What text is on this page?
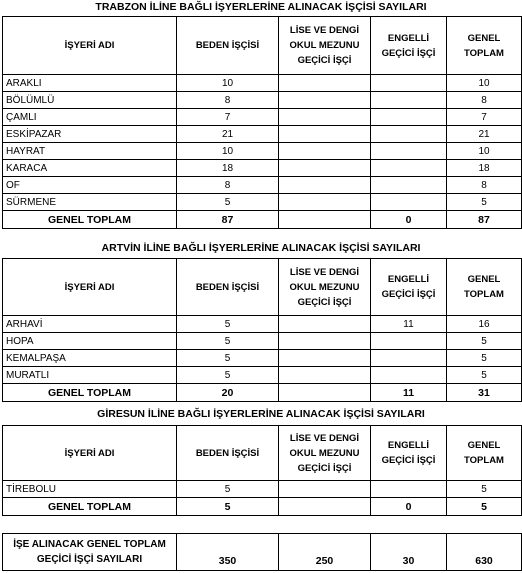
TRABZON İLİNE BAĞLI İŞYERLERİNE ALINACAK İŞÇİSİ SAYILARI
İŞYERİ ADI	BEDEN İŞÇİSİ	LİSE VE DENGİ OKUL MEZUNU GEÇİCİ İŞÇİ	ENGELLİ GEÇİCİ İŞÇİ	GENEL TOPLAM
ARAKLI	10			10
BÖLÜMLÜ	8			8
ÇAMLI	7			7
ESKİPAZAR	21			21
HAYRAT	10			10
KARACA	18			18
OF	8			8
SÜRMENE	5			5
GENEL TOPLAM	87		0	87
ARTVİN İLİNE BAĞLI İŞYERLERİNE ALINACAK İŞÇİSİ SAYILARI
İŞYERİ ADI	BEDEN İŞÇİSİ	LİSE VE DENGİ OKUL MEZUNU GEÇİCİ İŞÇİ	ENGELLİ GEÇİCİ İŞÇİ	GENEL TOPLAM
ARHAVİ	5		11	16
HOPA	5			5
KEMALPAŞA	5			5
MURATLI	5			5
GENEL TOPLAM	20		11	31
GİRESUN İLİNE BAĞLI İŞYERLERİNE ALINACAK İŞÇİSİ SAYILARI
İŞYERİ ADI	BEDEN İŞÇİSİ	LİSE VE DENGİ OKUL MEZUNU GEÇİCİ İŞÇİ	ENGELLİ GEÇİCİ İŞÇİ	GENEL TOPLAM
TİREBOLU	5			5
GENEL TOPLAM	5		0	5
İŞE ALINACAK GENEL TOPLAM
GEÇİCİ İŞÇİ SAYILARI	350	250	30	630
